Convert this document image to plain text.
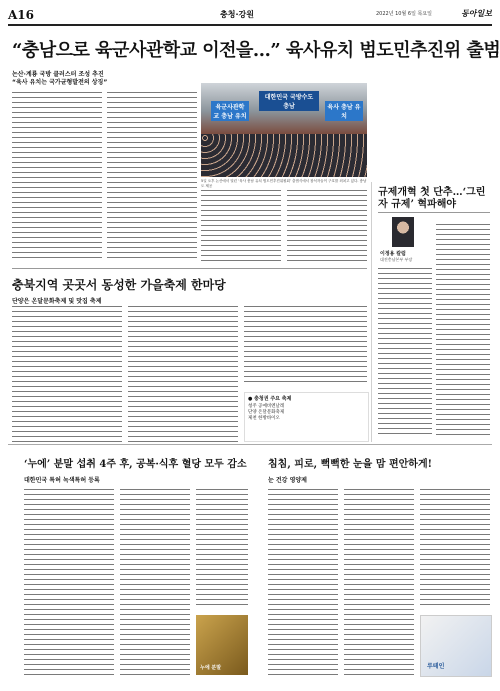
A16	충청·강원	2022년 10월 6일 목요일	동아일보
“충남으로 육군사관학교 이전을…” 육사유치 범도민추진위 출범
논산·계룡 국방 클러스터 조성 추진
“육사 유치는 국가균형발전의 상징”
육군사관학교 충남 유치
대한민국 국방수도 충남	육사 충남 유치
5일 오후 논산에서 열린 ‘육사 충남 유치 범도민추진위원회’ 출범식에서 참석자들이 구호를 외치고 있다. 충남도 제공
규제개혁 첫 단추…‘그린자 규제’ 혁파해야
이정용 칼럼
대전충남본부 부장
충북지역 곳곳서 동성한 가을축제 한마당
단양은 온달문화축제 및 맛집 축제
● 충청권 주요 축제
청주 공예비엔날레
단양 온달문화축제
제천 한방바이오
‘누에’ 분말 섭취 4주 후, 공복·식후 혈당 모두 감소
대한민국 특허 녹색특허 등록
누에 분말
침침, 피로, 뻑뻑한 눈을 맘 편안하게!
눈 건강 영양제
루테인
